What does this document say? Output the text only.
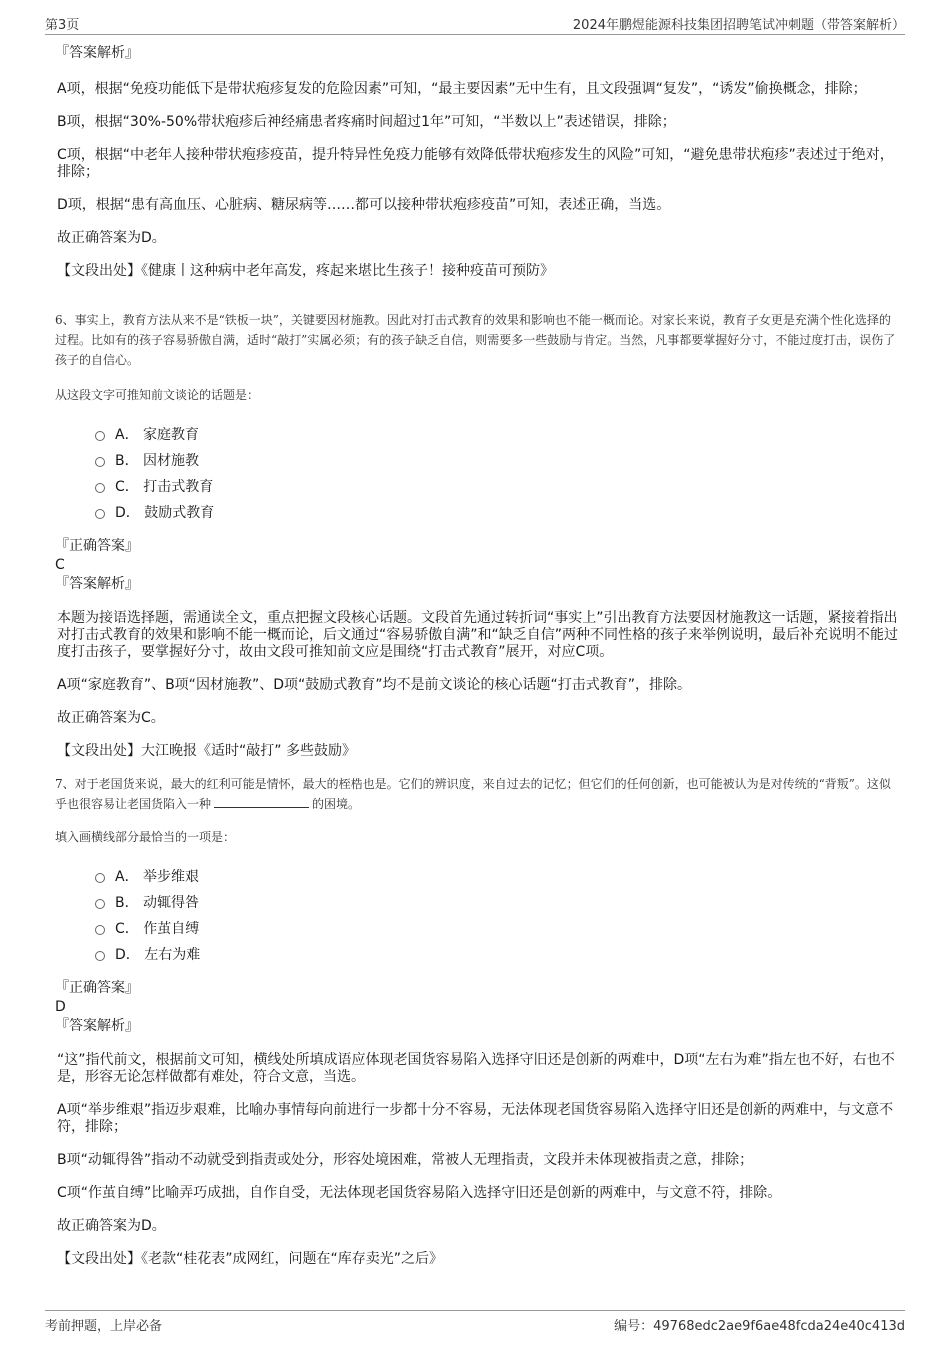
第3页	2024年鹏煜能源科技集团招聘笔试冲刺题（带答案解析）

『答案解析』

A项，根据“免疫功能低下是带状疱疹复发的危险因素”可知，“最主要因素”无中生有，且文段强调“复发”，“诱发”偷换概念，排除；

B项，根据“30%-50%带状疱疹后神经痛患者疼痛时间超过1年”可知，“半数以上”表述错误，排除；

C项，根据“中老年人接种带状疱疹疫苗，提升特异性免疫力能够有效降低带状疱疹发生的风险”可知，“避免患带状疱疹”表述过于绝对，排除；

D项，根据“患有高血压、心脏病、糖尿病等……都可以接种带状疱疹疫苗”可知，表述正确，当选。

故正确答案为D。

【文段出处】《健康丨这种病中老年高发，疼起来堪比生孩子！接种疫苗可预防》

6、事实上，教育方法从来不是“铁板一块”，关键要因材施教。因此对打击式教育的效果和影响也不能一概而论。对家长来说，教育子女更是充满个性化选择的过程。比如有的孩子容易骄傲自满，适时“敲打”实属必须；有的孩子缺乏自信，则需要多一些鼓励与肯定。当然，凡事都要掌握好分寸，不能过度打击，误伤了孩子的自信心。

从这段文字可推知前文谈论的话题是：

A． 家庭教育
B． 因材施教
C． 打击式教育
D． 鼓励式教育

『正确答案』

C

『答案解析』

本题为接语选择题，需通读全文，重点把握文段核心话题。文段首先通过转折词“事实上”引出教育方法要因材施教这一话题，紧接着指出对打击式教育的效果和影响不能一概而论，后文通过“容易骄傲自满”和“缺乏自信”两种不同性格的孩子来举例说明，最后补充说明不能过度打击孩子，要掌握好分寸，故由文段可推知前文应是围绕“打击式教育”展开，对应C项。

A项“家庭教育”、B项“因材施教”、D项“鼓励式教育”均不是前文谈论的核心话题“打击式教育”，排除。

故正确答案为C。

【文段出处】大江晚报《适时“敲打” 多些鼓励》

7、对于老国货来说，最大的红利可能是情怀，最大的桎梏也是。它们的辨识度，来自过去的记忆；但它们的任何创新，也可能被认为是对传统的“背叛”。这似乎也很容易让老国货陷入一种	的困境。

填入画横线部分最恰当的一项是：

A． 举步维艰
B． 动辄得咎
C． 作茧自缚
D． 左右为难

『正确答案』

D

『答案解析』

“这”指代前文，根据前文可知，横线处所填成语应体现老国货容易陷入选择守旧还是创新的两难中，D项“左右为难”指左也不好，右也不是，形容无论怎样做都有难处，符合文意，当选。

A项“举步维艰”指迈步艰难，比喻办事情每向前进行一步都十分不容易，无法体现老国货容易陷入选择守旧还是创新的两难中，与文意不符，排除；

B项“动辄得咎”指动不动就受到指责或处分，形容处境困难，常被人无理指责，文段并未体现被指责之意，排除；

C项“作茧自缚”比喻弄巧成拙，自作自受，无法体现老国货容易陷入选择守旧还是创新的两难中，与文意不符，排除。

故正确答案为D。

【文段出处】《老款“桂花表”成网红，问题在“库存卖光”之后》

考前押题，上岸必备	编号：49768edc2ae9f6ae48fcda24e40c413d
